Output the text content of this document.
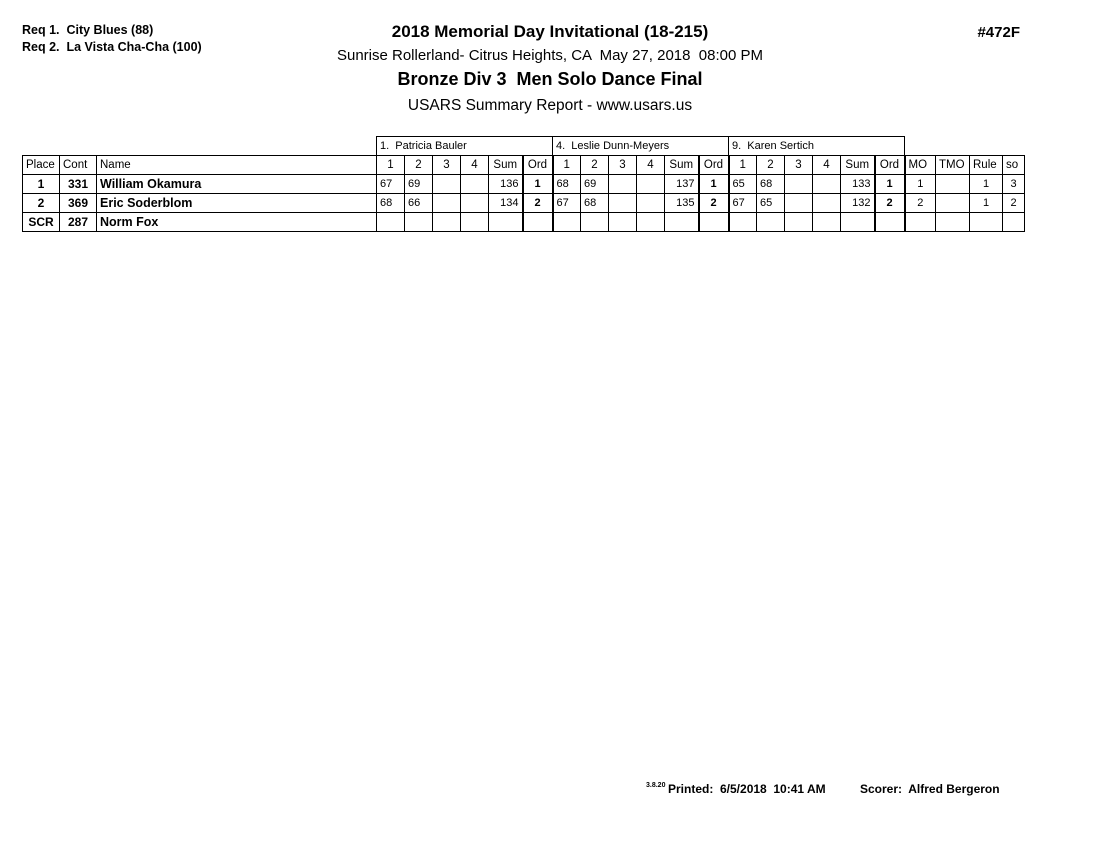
Req 1.  City Blues (88)
Req 2.  La Vista Cha-Cha (100)
2018 Memorial Day Invitational (18-215)
Sunrise Rollerland- Citrus Heights, CA  May 27, 2018  08:00 PM
Bronze Div 3  Men Solo Dance Final
USARS Summary Report - www.usars.us
#472F
			1.  Patricia Bauler						4.  Leslie Dunn-Meyers						9.  Karen Sertich									
Place	Cont	Name	1	2	3	4	Sum	Ord	1	2	3	4	Sum	Ord	1	2	3	4	Sum	Ord	MO	TMO	Rule	so
1	331	William Okamura	67	69			136	1	68	69			137	1	65	68			133	1	1		1	3
2	369	Eric Soderblom	68	66			134	2	67	68			135	2	67	65			132	2	2		1	2
SCR	287	Norm Fox																						
3.8.20 Printed:  6/5/2018  10:41 AM	Scorer:  Alfred Bergeron
